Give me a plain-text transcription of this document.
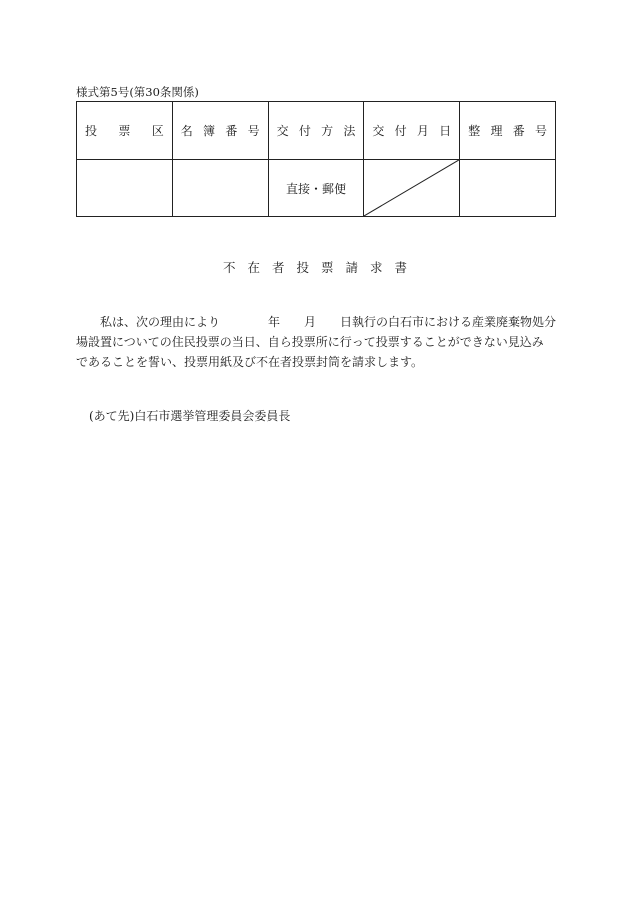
様式第5号(第30条関係)
投票区	名簿番号	交付方法	交付月日	整理番号

		直接・郵便	

不在者投票請求書

私は、次の理由により　　　　年　　月　　日執行の白石市における産業廃棄物処分

場設置についての住民投票の当日、自ら投票所に行って投票することができない見込み

であることを誓い、投票用紙及び不在者投票封筒を請求します。

(あて先)白石市選挙管理委員会委員長
